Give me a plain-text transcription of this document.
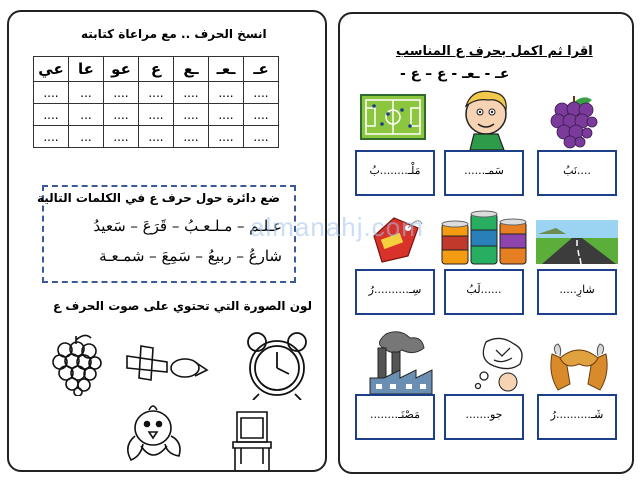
انسخ الحرف .. مع مراعاة كتابته
عـ	ـعـ	ـع	ع	عو	عا	عي
....	....	....	....	....	...	....
....	....	....	....	....	...	....
....	....	....	....	....	...	....
ضع دائرة حول حرف ع في الكلمات التالية
عـلـم – مـلـعـبُ – قَرَعَ – سَعيدُ
شارعُ – ربيعُ – سَمِعَ – شمـعـة
لون الصورة التي تحتوي على صوت الحرف ع
اقرا ثم اكمل بحرف ع المناسب
عـ - ـعـ - ع – ع -
مَلْـ........بُ	سَمـ......	....نَبُ
سِـ..........رُ	......لَبُ	شارِ.....
مَصْنَـ........	جو.......	شَـ..........رُ
almanahj.com
